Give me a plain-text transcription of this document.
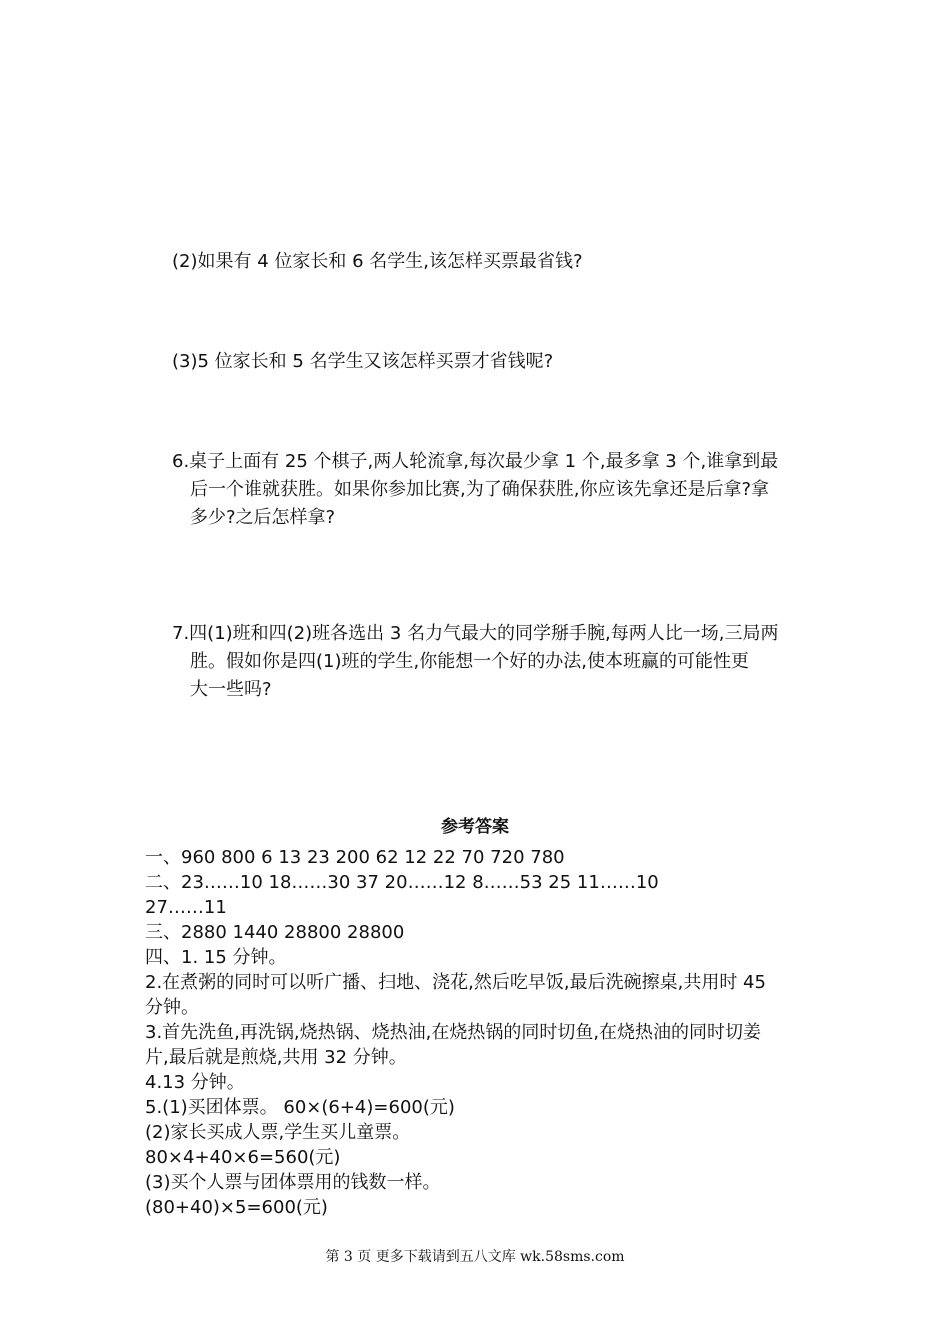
(2)如果有 4 位家长和 6 名学生,该怎样买票最省钱?
(3)5 位家长和 5 名学生又该怎样买票才省钱呢?
6.桌子上面有 25 个棋子,两人轮流拿,每次最少拿 1 个,最多拿 3 个,谁拿到最
后一个谁就获胜。如果你参加比赛,为了确保获胜,你应该先拿还是后拿?拿
多少?之后怎样拿?
7.四(1)班和四(2)班各选出 3 名力气最大的同学掰手腕,每两人比一场,三局两
胜。假如你是四(1)班的学生,你能想一个好的办法,使本班赢的可能性更
大一些吗?
参考答案
一、960 800 6 13 23 200 62 12 22 70 720 780
二、23……10 18……30 37 20……12 8……53 25 11……10
27……11
三、2880 1440 28800 28800
四、1. 15 分钟。
2.在煮粥的同时可以听广播、扫地、浇花,然后吃早饭,最后洗碗擦桌,共用时 45
分钟。
3.首先洗鱼,再洗锅,烧热锅、烧热油,在烧热锅的同时切鱼,在烧热油的同时切姜
片,最后就是煎烧,共用 32 分钟。
4.13 分钟。
5.(1)买团体票。 60×(6+4)=600(元)
(2)家长买成人票,学生买儿童票。
80×4+40×6=560(元)
(3)买个人票与团体票用的钱数一样。
(80+40)×5=600(元)
第 3 页 更多下载请到五八文库 wk.58sms.com
